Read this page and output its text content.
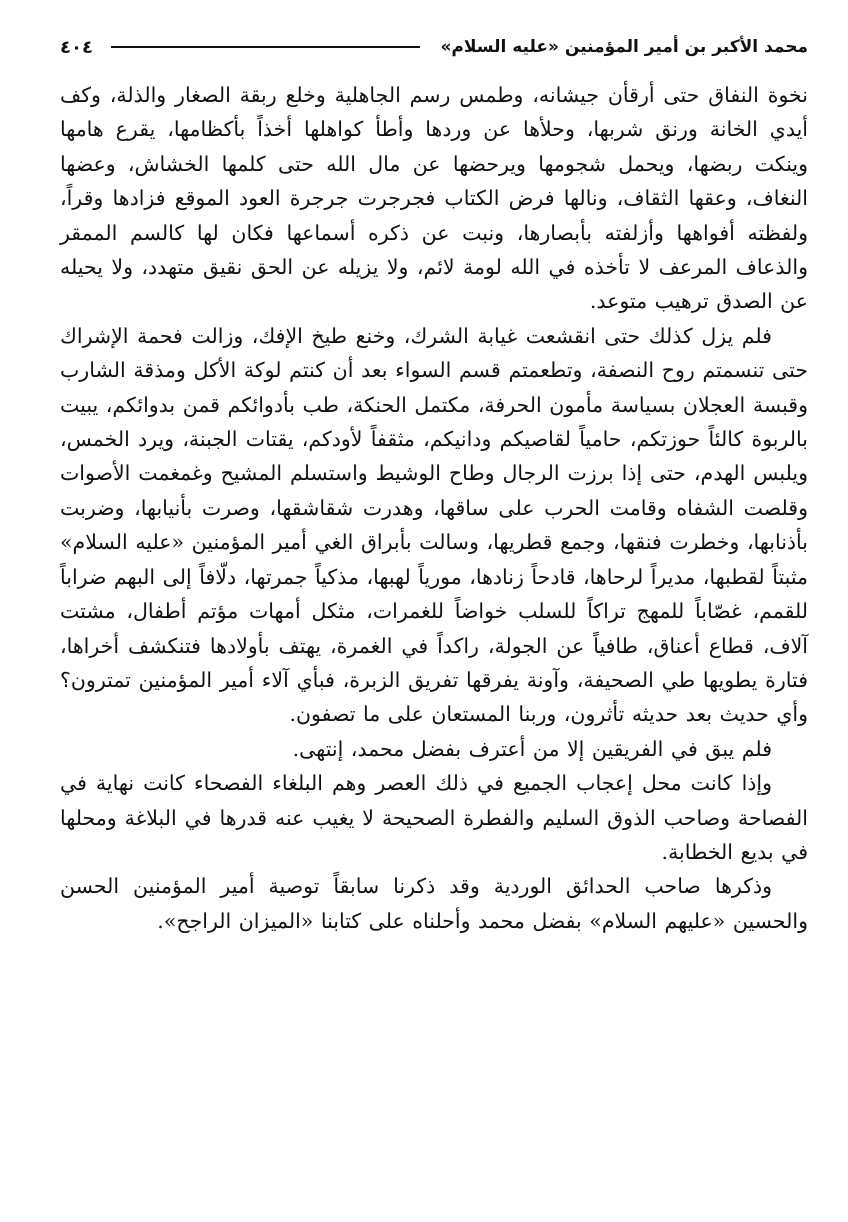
محمد الأكبر بن أمير المؤمنين «عليه السلام»
٤٠٤

نخوة النفاق حتى أرقأن جيشانه، وطمس رسم الجاهلية وخلع ربقة الصغار والذلة، وكف أيدي الخانة ورنق شربها، وحلأها عن وردها وأطأ كواهلها أخذاً بأكظامها، يقرع هامها وينكت ربضها، ويحمل شجومها ويرحضها عن مال الله حتى كلمها الخشاش، وعضها النغاف، وعقها الثقاف، ونالها فرض الكتاب فجرجرت جرجرة العود الموقع فزادها وقراً، ولفظته أفواهها وأزلفته بأبصارها، ونبت عن ذكره أسماعها فكان لها كالسم الممقر والذعاف المرعف لا تأخذه في الله لومة لائم، ولا يزيله عن الحق نقيق متهدد، ولا يحيله عن الصدق ترهيب متوعد.

فلم يزل كذلك حتى انقشعت غيابة الشرك، وخنع طيخ الإفك، وزالت فحمة الإشراك حتى تنسمتم روح النصفة، وتطعمتم قسم السواء بعد أن كنتم لوكة الأكل ومذقة الشارب وقبسة العجلان بسياسة مأمون الحرفة، مكتمل الحنكة، طب بأدوائكم قمن بدوائكم، يبيت بالربوة كالئاً حوزتكم، حامياً لقاصيكم ودانيكم، مثقفاً لأودكم، يقتات الجبنة، ويرد الخمس، ويلبس الهدم، حتى إذا برزت الرجال وطاح الوشيط واستسلم المشيح وغمغمت الأصوات وقلصت الشفاه وقامت الحرب على ساقها، وهدرت شقاشقها، وصرت بأنيابها، وضربت بأذنابها، وخطرت فنقها، وجمع قطريها، وسالت بأبراق الغي أمير المؤمنين «عليه السلام» مثبتاً لقطبها، مديراً لرحاها، قادحاً زنادها، مورياً لهبها، مذكياً جمرتها، دلّافاً إلى البهم ضراباً للقمم، غصّاباً للمهج تراكاً للسلب خواضاً للغمرات، مثكل أمهات مؤتم أطفال، مشتت آلاف، قطاع أعناق، طافياً عن الجولة، راكداً في الغمرة، يهتف بأولادها فتنكشف أخراها، فتارة يطويها طي الصحيفة، وآونة يفرقها تفريق الزبرة، فبأي آلاء أمير المؤمنين تمترون؟ وأي حديث بعد حديثه تأثرون، وربنا المستعان على ما تصفون.

فلم يبق في الفريقين إلا من أعترف بفضل محمد، إنتهى.

وإذا كانت محل إعجاب الجميع في ذلك العصر وهم البلغاء الفصحاء كانت نهاية في الفصاحة وصاحب الذوق السليم والفطرة الصحيحة لا يغيب عنه قدرها في البلاغة ومحلها في بديع الخطابة.

وذكرها صاحب الحدائق الوردية وقد ذكرنا سابقاً توصية أمير المؤمنين الحسن والحسين «عليهم السلام» بفضل محمد وأحلناه على كتابنا «الميزان الراجح».
